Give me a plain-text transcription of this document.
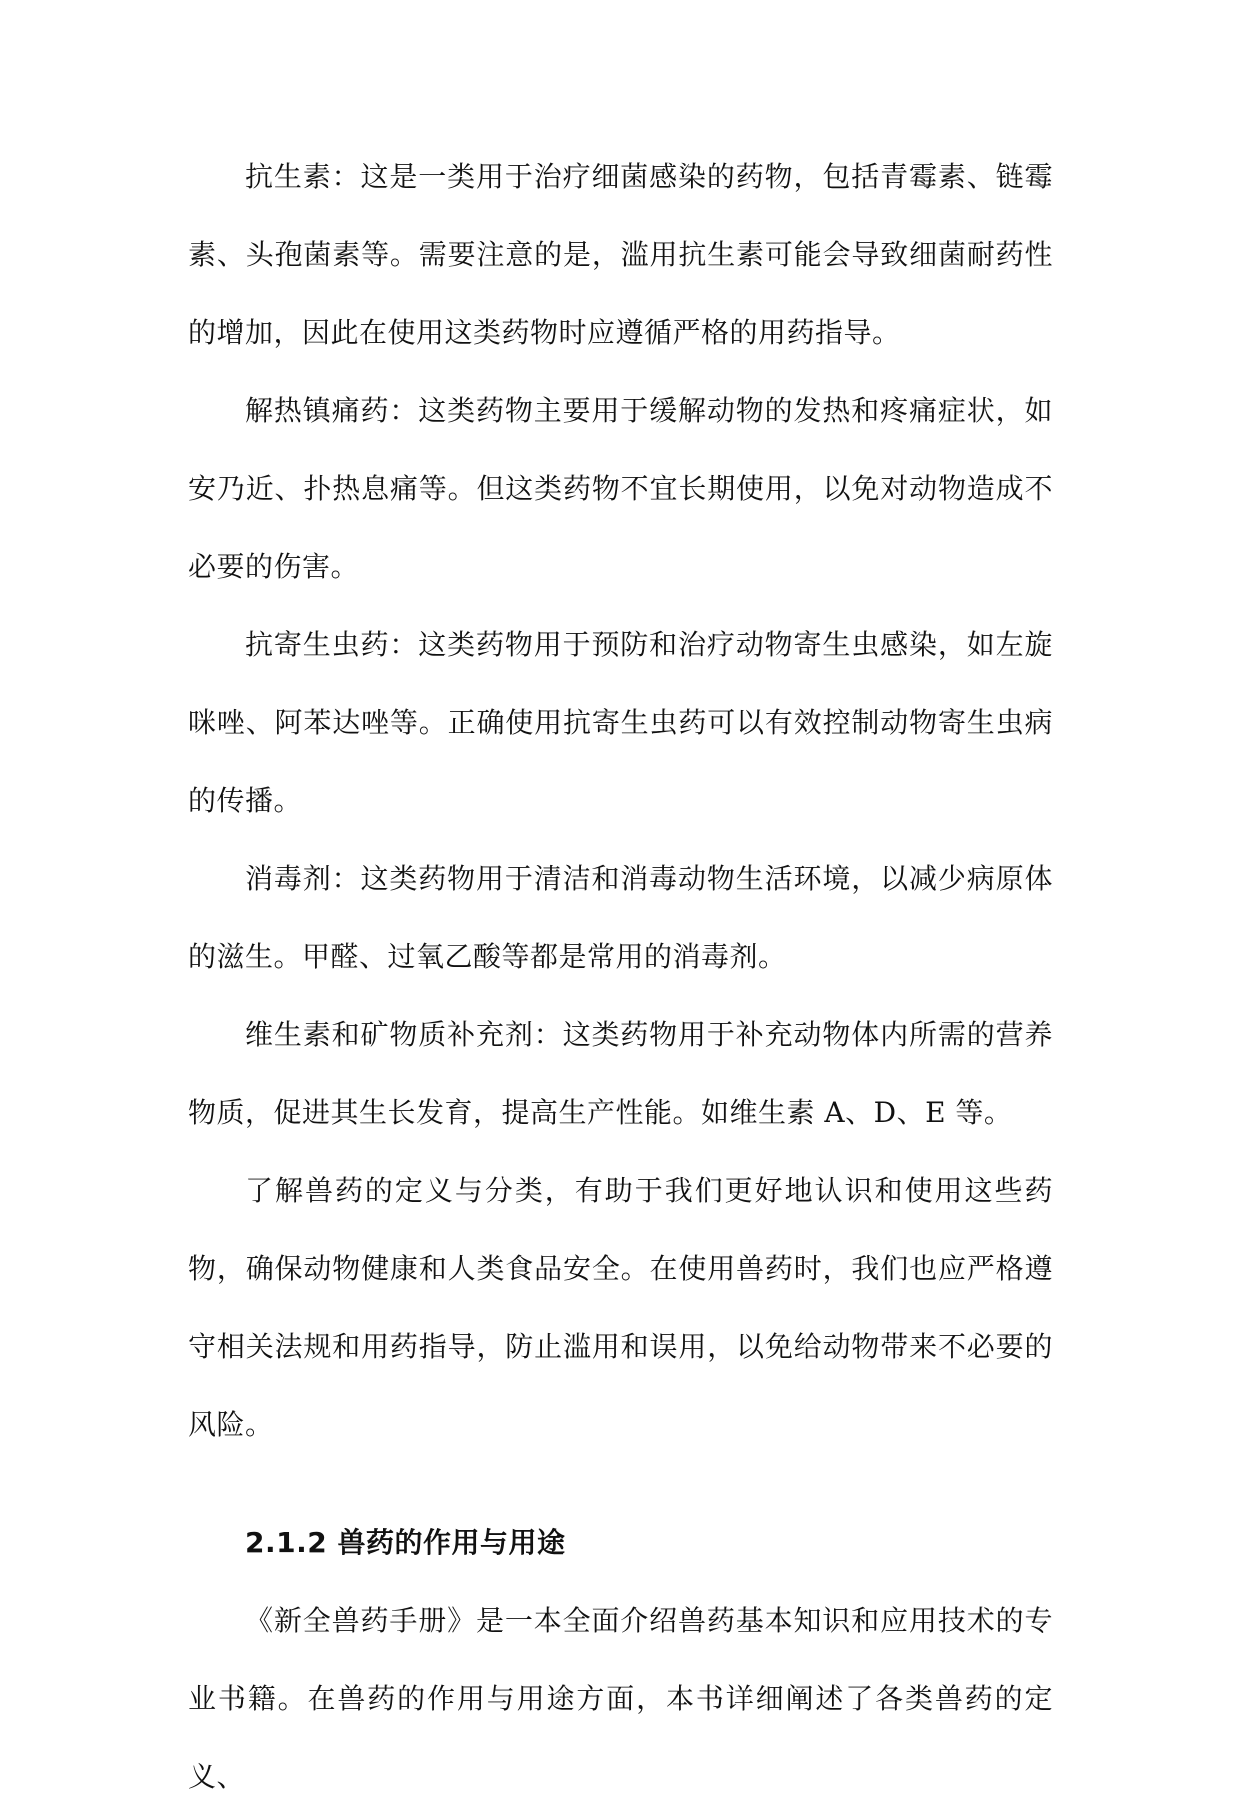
抗生素：这是一类用于治疗细菌感染的药物，包括青霉素、链霉素、头孢菌素等。需要注意的是，滥用抗生素可能会导致细菌耐药性的增加，因此在使用这类药物时应遵循严格的用药指导。

解热镇痛药：这类药物主要用于缓解动物的发热和疼痛症状，如安乃近、扑热息痛等。但这类药物不宜长期使用，以免对动物造成不必要的伤害。

抗寄生虫药：这类药物用于预防和治疗动物寄生虫感染，如左旋咪唑、阿苯达唑等。正确使用抗寄生虫药可以有效控制动物寄生虫病的传播。

消毒剂：这类药物用于清洁和消毒动物生活环境，以减少病原体的滋生。甲醛、过氧乙酸等都是常用的消毒剂。

维生素和矿物质补充剂：这类药物用于补充动物体内所需的营养物质，促进其生长发育，提高生产性能。如维生素 A、D、E 等。

了解兽药的定义与分类，有助于我们更好地认识和使用这些药物，确保动物健康和人类食品安全。在使用兽药时，我们也应严格遵守相关法规和用药指导，防止滥用和误用，以免给动物带来不必要的风险。

2.1.2 兽药的作用与用途

《新全兽药手册》是一本全面介绍兽药基本知识和应用技术的专业书籍。在兽药的作用与用途方面，本书详细阐述了各类兽药的定义、
